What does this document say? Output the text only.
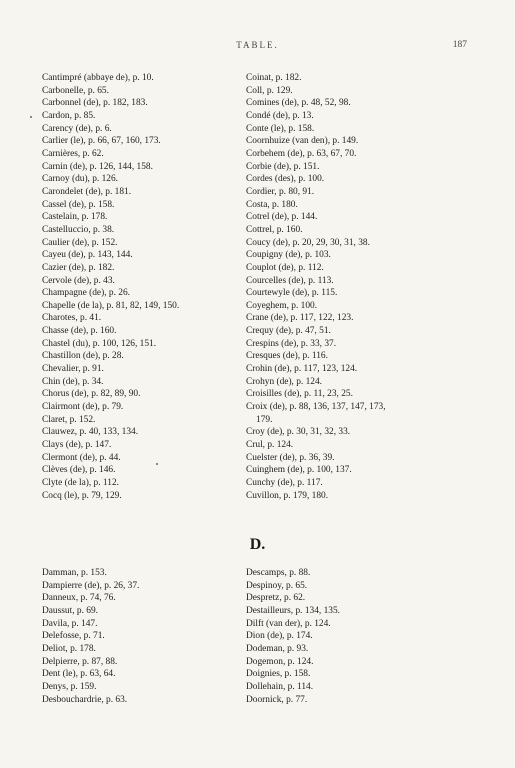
TABLE.	187
Cantimpré (abbaye de), p. 10.
Carbonelle, p. 65.
Carbonnel (de), p. 182, 183.
Cardon, p. 85.
Carency (de), p. 6.
Carlier (le), p. 66, 67, 160, 173.
Carnières, p. 62.
Carnin (de), p. 126, 144, 158.
Carnoy (du), p. 126.
Carondelet (de), p. 181.
Cassel (de), p. 158.
Castelain, p. 178.
Castelluccio, p. 38.
Caulier (de), p. 152.
Cayeu (de), p. 143, 144.
Cazier (de), p. 182.
Cervole (de), p. 43.
Champagne (de), p. 26.
Chapelle (de la), p. 81, 82, 149, 150.
Charotes, p. 41.
Chasse (de), p. 160.
Chastel (du), p. 100, 126, 151.
Chastillon (de), p. 28.
Chevalier, p. 91.
Chin (de), p. 34.
Chorus (de), p. 82, 89, 90.
Clairmont (de), p. 79.
Claret, p. 152.
Clauwez, p. 40, 133, 134.
Clays (de), p. 147.
Clermont (de), p. 44.
Clèves (de), p. 146.
Clyte (de la), p. 112.
Cocq (le), p. 79, 129.
Coinat, p. 182.
Coll, p. 129.
Comines (de), p. 48, 52, 98.
Condé (de), p. 13.
Conte (le), p. 158.
Coornhuize (van den), p. 149.
Corbehem (de), p. 63, 67, 70.
Corbie (de), p. 151.
Cordes (des), p. 100.
Cordier, p. 80, 91.
Costa, p. 180.
Cotrel (de), p. 144.
Cottrel, p. 160.
Coucy (de), p. 20, 29, 30, 31, 38.
Coupigny (de), p. 103.
Couplot (de), p. 112.
Courcelles (de), p. 113.
Courtewyle (de), p. 115.
Coyeghem, p. 100.
Crane (de), p. 117, 122, 123.
Crequy (de), p. 47, 51.
Crespins (de), p. 33, 37.
Cresques (de), p. 116.
Crohin (de), p. 117, 123, 124.
Crohyn (de), p. 124.
Croisilles (de), p. 11, 23, 25.
Croix (de), p. 88, 136, 137, 147, 173,
179.
Croy (de), p. 30, 31, 32, 33.
Crul, p. 124.
Cuelster (de), p. 36, 39.
Cuinghem (de), p. 100, 137.
Cunchy (de), p. 117.
Cuvillon, p. 179, 180.
D.
Damman, p. 153.
Dampierre (de), p. 26, 37.
Danneux, p. 74, 76.
Daussut, p. 69.
Davila, p. 147.
Delefosse, p. 71.
Deliot, p. 178.
Delpierre, p. 87, 88.
Dent (le), p. 63, 64.
Denys, p. 159.
Desbouchardrie, p. 63.
Descamps, p. 88.
Despinoy, p. 65.
Despretz, p. 62.
Destailleurs, p. 134, 135.
Dilft (van der), p. 124.
Dion (de), p. 174.
Dodeman, p. 93.
Dogemon, p. 124.
Doignies, p. 158.
Dollehain, p. 114.
Doornick, p. 77.
